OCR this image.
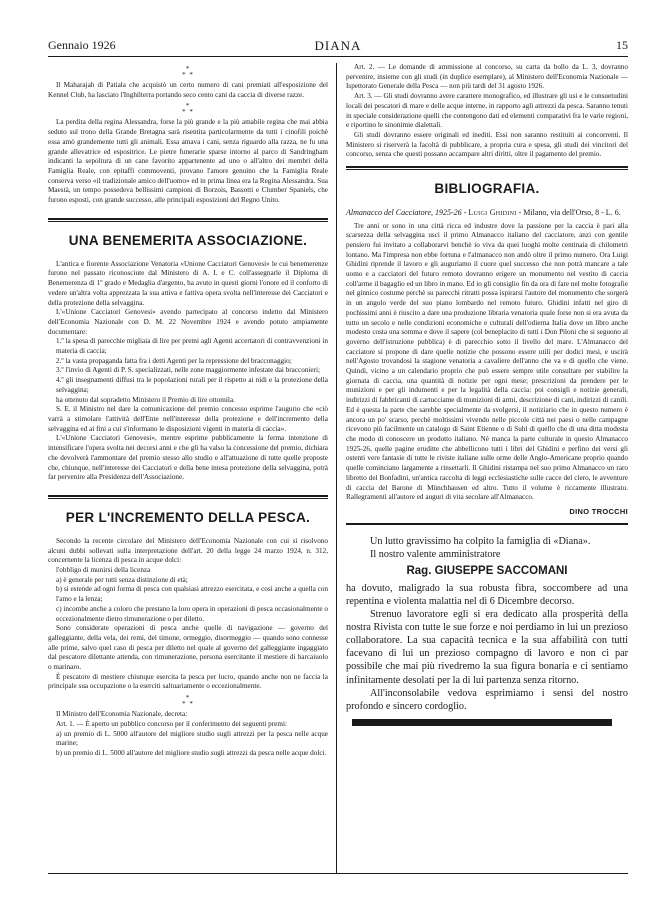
Gennaio 1926	DIANA	15
*
* *

Il Maharajah di Patiala che acquistò un certo numero di cani premiati all'esposizione del Kennel Club, ha lasciato l'Inghilterra portando seco cento cani da caccia di diverse razze.

*
* *

La perdita della regina Alessandra, forse la più grande e la più amabile regina che mai abbia seduto sul trono della Grande Bretagna sarà risentita particolarmente da tutti i cinofili poichè essa amò grandemente tutti gli animali. Essa amava i cani, senza riguardo alla razza, ne fu una grande allevatrice ed espositrice. Le pietre funerarie sparse intorno al parco di Sandringham indicanti la sepoltura di un cane favorito appartenente ad uno o all'altro dei membri della Famiglia Reale, con epitaffi commoventi, provano l'amore genuino che la Famiglia Reale conserva verso «il tradizionale amico dell'uomo» ed in prima linea era la Regina Alessandra. Sua Maestà, un tempo possedeva bellissimi campioni di Borzois, Bassotti e Clumber Spaniels, che furono esposti, con grande successo, alle principali esposizioni del Regno Unito.

UNA BENEMERITA ASSOCIAZIONE.

L'antica e fiorente Associazione Venatoria «Unione Cacciatori Genovesi» le cui benemerenze furono nel passato riconosciute dal Ministero di A. I. e C. coll'assegnarle il Diploma di Benemerenza di 1º grado e Medaglia d'argento, ha avuto in questi giorni l'onore ed il conforto di vedere un'altra volta apprezzata la sua attiva e fattiva opera svolta nell'interesse dei Cacciatori e della protezione della selvaggina.

L'«Unione Cacciatori Genovesi» avendo partecipato al concorso indetto dal Ministero dell'Economia Nazionale con D. M. 22 Novembre 1924 e avendo potuto ampiamente documentare:

1.º la spesa di parecchie migliaia di lire per premi agli Agenti accertatori di contravvenzioni in materia di caccia;

2.º la vasta propaganda fatta fra i detti Agenti per la repressione del bracconaggio;

3.º l'invio di Agenti di P. S. specializzati, nelle zone maggiormente infestate dai bracconieri;

4.º gli insegnamenti diffusi tra le popolazioni rurali per il rispetto ai nidi e la protezione della selvaggina;

ha ottenuto dal sopradetto Ministero il Premio di lire ottomila.

S. E. il Ministro nel dare la comunicazione del premio concesso esprime l'augurio che «ciò varrà a stimolare l'attività dell'Ente nell'interesse della protezione e dell'incremento della selvaggina ed ai fini a cui s'informano le disposizioni vigenti in materia di caccia».

L'«Unione Cacciatori Genovesi», mentre esprime pubblicamente la ferma intenzione di intensificare l'opera svolta nei decorsi anni e che gli ha valso la concessione del premio, dichiara che devolverà l'ammontare del premio stesso allo studio e all'attuazione di tutte quelle proposte che, chiunque, nell'interesse dei Cacciatori e della bene intesa protezione della selvaggina, potrà far pervenire alla Presidenza dell'Associazione.

PER L'INCREMENTO DELLA PESCA.

Secondo la recente circolare del Ministero dell'Economia Nazionale con cui si risolvono alcuni dubbi sollevati sulla interpretazione dell'art. 20 della legge 24 marzo 1924, n. 312, concernente la licenza di pesca in acque dolci:

l'obbligo di munirsi della licenza

a) è generale per tutti senza distinzione di età;

b) si estende ad ogni forma di pesca con qualsiasi attrezzo esercitata, e così anche a quella con l'amo e la lenza;

c) incombe anche a coloro che prestano la loro opera in operazioni di pesca occasionalmente o eccezionalmente dietro rimunerazione o per diletto.

Sono considerate operazioni di pesca anche quelle di navigazione — governo del galleggiante, della vela, dei remi, del timone, ormeggio, disormeggio — quando sono connesse alle prime, salvo quel caso di pesca per diletto nel quale al governo del galleggiante ingaggiato dal pescatore dilettante attenda, con rimunerazione, persona esercitante il mestiere di barcaiuolo o marinaro.

È pescatore di mestiere chiunque esercita la pesca per lucro, quando anche non ne faccia la principale sua occupazione o la eserciti saltuariamente o eccezionalmente.

*
* *

Il Ministro dell'Economia Nazionale, decreta:

Art. 1. — È aperto un pubblico concorso per il conferimento dei seguenti premi:

a) un premio di L. 5000 all'autore del migliore studio sugli attrezzi per la pesca nelle acque marine;

b) un premio di L. 5000 all'autore del migliore studio sugli attrezzi da pesca nelle acque dolci.

Art. 2. — Le domande di ammissione al concorso, su carta da bollo da L. 3, dovranno pervenire, insieme con gli studi (in duplice esemplare), al Ministero dell'Economia Nazionale — Ispettorato Generale della Pesca — non più tardi del 31 agosto 1926.

Art. 3. — Gli studi dovranno avere carattere monografico, ed illustrare gli usi e le consuetudini locali dei pescatori di mare e delle acque interne, in rapporto agli attrezzi da pesca. Saranno tenuti in speciale considerazione quelli che contengono dati ed elementi comparativi fra le varie regioni, e riportino le sinonimie dialettali.

Gli studi dovranno essere originali ed inediti. Essi non saranno restituiti ai concorrenti. Il Ministero si riserverà la facoltà di pubblicare, a propria cura e spesa, gli studi dei vincitori del concorso, senza che questi possano accampare altri diritti, oltre il pagamento del premio.

BIBLIOGRAFIA.

Almanacco del Cacciatore, 1925-26 - Luigi Ghidini - Milano, via dell'Orso, 8 - L. 6.

Tre anni or sono in una città ricca ed industre dove la passione per la caccia è pari alla scarsezza della selvaggina usci il primo Almanacco italiano del cacciatore, anzi con gentile pensiero fui invitato a collaborarvi benchè io viva da quei luoghi molte centinaia di chilometri lontano. Ma l'impresa non ebbe fortuna e l'almanacco non andò oltre il primo numero. Ora Luigi Ghidini riprende il lavoro e gli auguriamo il cuore quel successo che non potrà mancare a tale uomo e a cacciatori del futuro remoto dovranno erigere un monumento nel vestito di caccia coll'arme il bagaglio ed un libro in mano. Ed io gli consiglio fin da ora di fare nel molte fotografie nel ginnico costume perchè su parecchi ritratti possa ispirarsi l'autore del monumento che sorgerà in un angolo verde del suo piano lombardo nel remoto futuro. Ghidini infatti nel giro di pochissimi anni è riuscito a dare una produzione libraria venatoria quale forse non si era avuta da tutto un secolo e nelle condizioni economiche e culturali dell'odierna Italia dove un libro anche modesto costa una somma e dove il sapere (col beneplacito di tutti i Don Piloni che si seguono al governo dell'istruzione pubblica) è di parecchio sotto il livello del mare. L'Almanacco del cacciatore si propone di dare quelle notizie che possono essere utili per dodici mesi, e uscirà nell'Agosto trovandosi la stagione venatoria a cavaliere dell'anno che va e di quello che viene. Quindi, vicino a un calendario proprio che può essere sempre utile consultare per stabilire la giornata di caccia, una quantità di notizie per ogni mese; prescrizioni da prendere per le munizioni e per gli indumenti e per la legalità della caccia: poi consigli e notizie generali, indirizzi di fabbricanti di cartucciame di munizioni di armi, descrizione di cani, indirizzi di canili. Ed è questa la parte che sarebbe specialmente da svolgersi, il notiziario che in questo numero è ancora un po' scarso, perchè moltissimi vivendo nelle piccole città nei paesi o nelle campagne ricevono più facilmente un catalogo di Saint Etienne o di Suhl di quello che di una ditta modesta che modo di conoscere un prodotto italiano. Nè manca la parte culturale in questo Almanacco 1925-26, quelle pagine eruditte che abbellicono tutti i libri del Ghidini e perfino dei versi gli ostenti vere fantasie di tutte le riviste italiane sulle orme delle Anglo-Americane proprio quando quelle cominciano largamente a rinsettarli. Il Ghidini ristampa nel suo primo Almanacco un raro libretto del Bonfadini, un'antica raccolta di leggi ecclesiastiche sulle cacce del clero, le avventure di caccia del Barone di Münchhausen ed altro. Tutto il volume è riccamente illustrato. Rallegramenti all'autore ed auguri di vita secolare all'Almanacco.

DINO TROCCHI

Un lutto gravissimo ha colpito la famiglia di «Diana».

Il nostro valente amministratore

Rag. GIUSEPPE SACCOMANI

ha dovuto, maligrado la sua robusta fibra, soccombere ad una repentina e violenta malattia nel dì 6 Dicembre decorso.

Strenuo lavoratore egli si era dedicato alla prosperità della nostra Rivista con tutte le sue forze e noi perdiamo in lui un prezioso collaboratore. La sua capacità tecnica e la sua affabilità con tutti facevano di lui un prezioso compagno di lavoro e non ci par possibile che mai più rivedremo la sua figura bonaria e ci sentiamo infinitamente desolati per la di lui partenza senza ritorno.

All'inconsolabile vedova esprimiamo i sensi del nostro profondo e sincero cordoglio.
